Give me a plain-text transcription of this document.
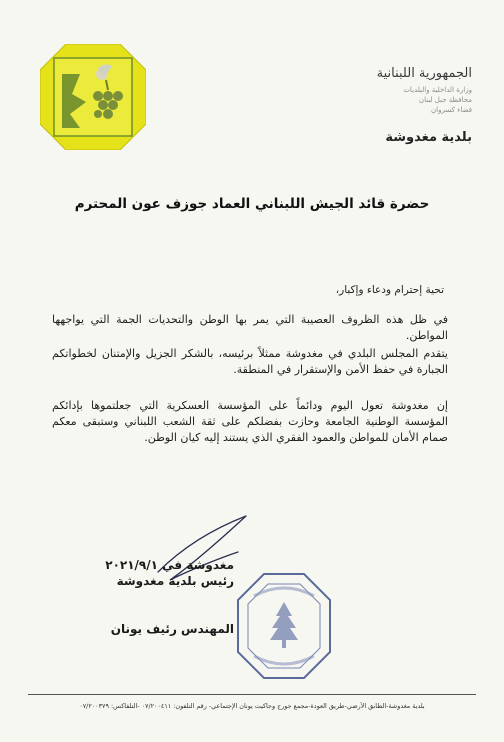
الجمهورية اللبنانية
وزارة الداخلية والبلديات
محافظة جبل لبنان
قضاء كسروان
بلدية مغدوشة
حضرة قائد الجيش اللبناني العماد جوزف عون المحترم
تحية إحترام ودعاء وإكبار،
في ظل هذه الظروف العصيبة التي يمر بها الوطن والتحديات الجمة التي يواجهها المواطن.
يتقدم المجلس البلدي في مغدوشة ممثلاً برئيسه، بالشكر الجزيل والإمتنان لخطواتكم الجبارة في حفظ الأمن والإستقرار في المنطقة.
إن مغدوشة تعول اليوم ودائماً على المؤسسة العسكرية التي جعلتموها بإدائكم المؤسسة الوطنية الجامعة وحازت بفضلكم على ثقة الشعب اللبناني وستبقى معكم صمام الأمان للمواطن والعمود الفقري الذي يستند إليه كيان الوطن.
مغدوشة في ٢٠٢١/٩/١
رئيس بلدية مغدوشة
المهندس رئيف يونان
بلدية مغدوشة-الطابق الأرضي-طريق العودة-مجمع جورج وجاكيت يونان الإجتماعي- رقم التلفون: ٠٧/٢٠٠٤١١ -التلفاكس: ٠٧/٢٠٠٣٧٩
